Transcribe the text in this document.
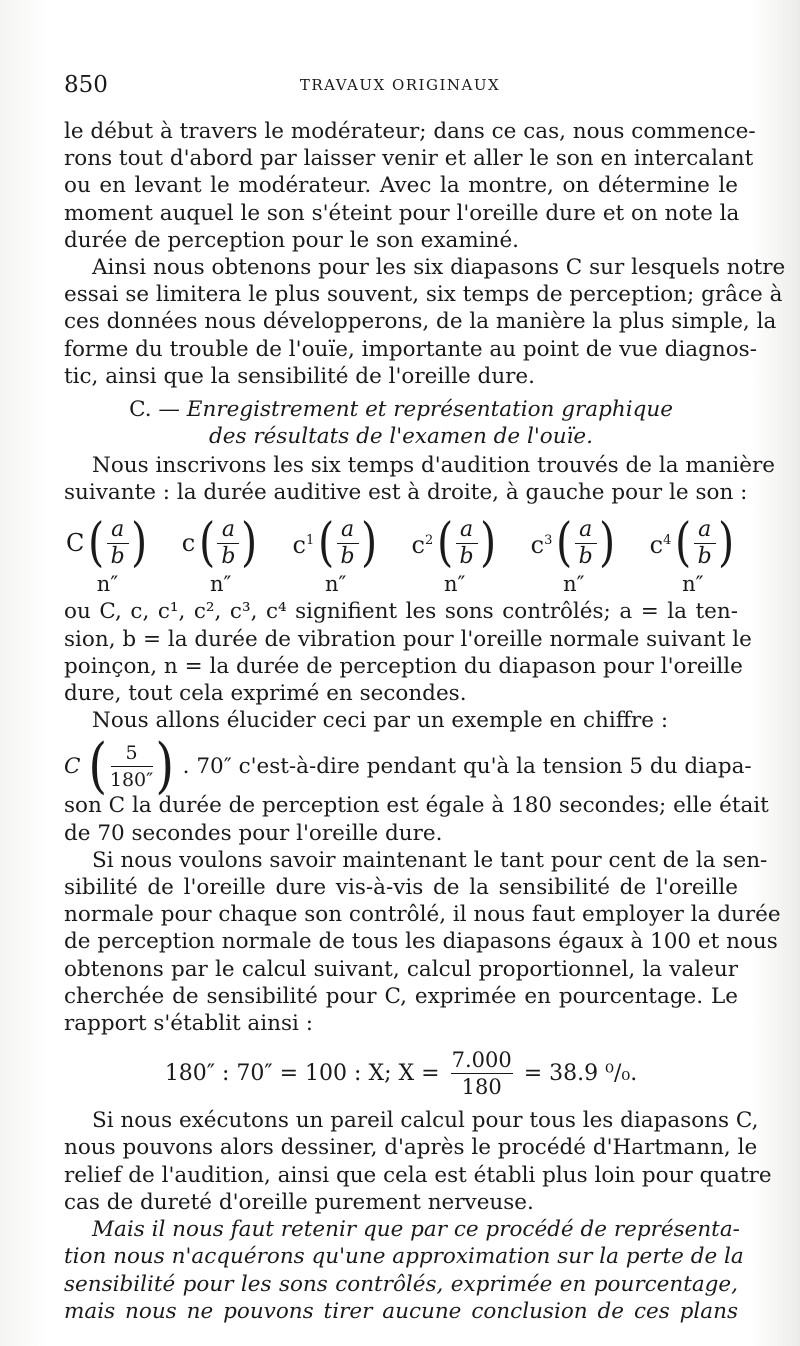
850	TRAVAUX ORIGINAUX
le début à travers le modérateur; dans ce cas, nous commence-
rons tout d'abord par laisser venir et aller le son en intercalant
ou en levant le modérateur. Avec la montre, on détermine le
moment auquel le son s'éteint pour l'oreille dure et on note la
durée de perception pour le son examiné.
Ainsi nous obtenons pour les six diapasons C sur lesquels notre
essai se limitera le plus souvent, six temps de perception; grâce à
ces données nous développerons, de la manière la plus simple, la
forme du trouble de l'ouïe, importante au point de vue diagnos-
tic, ainsi que la sensibilité de l'oreille dure.
C. — Enregistrement et représentation graphique
des résultats de l'examen de l'ouïe.
Nous inscrivons les six temps d'audition trouvés de la manière
suivante : la durée auditive est à droite, à gauche pour le son :
C ( $\frac{a}{b}$ )
n″
c ( $\frac{a}{b}$ )
n″
$c^1$ ( $\frac{a}{b}$ )
n″
$c^2$ ( $\frac{a}{b}$ )
n″
$c^3$ ( $\frac{a}{b}$ )
n″
$c^4$ ( $\frac{a}{b}$ )
n″
ou C, c, c¹, c², c³, c⁴ signifient les sons contrôlés; a = la ten-
sion, b = la durée de vibration pour l'oreille normale suivant le
poinçon, n = la durée de perception du diapason pour l'oreille
dure, tout cela exprimé en secondes.
Nous allons élucider ceci par un exemple en chiffre :
C ( $\frac{5}{180''}$ ) . 70″ c'est-à-dire pendant qu'à la tension 5 du diapa-
son C la durée de perception est égale à 180 secondes; elle était
de 70 secondes pour l'oreille dure.
Si nous voulons savoir maintenant le tant pour cent de la sen-
sibilité de l'oreille dure vis-à-vis de la sensibilité de l'oreille
normale pour chaque son contrôlé, il nous faut employer la durée
de perception normale de tous les diapasons égaux à 100 et nous
obtenons par le calcul suivant, calcul proportionnel, la valeur
cherchée de sensibilité pour C, exprimée en pourcentage. Le
rapport s'établit ainsi :
180″ : 70″ = 100 : X; $X = \frac{7.000}{180} = 38.9$ ⁰/₀.
Si nous exécutons un pareil calcul pour tous les diapasons C,
nous pouvons alors dessiner, d'après le procédé d'Hartmann, le
relief de l'audition, ainsi que cela est établi plus loin pour quatre
cas de dureté d'oreille purement nerveuse.
Mais il nous faut retenir que par ce procédé de représenta-
tion nous n'acquérons qu'une approximation sur la perte de la
sensibilité pour les sons contrôlés, exprimée en pourcentage,
mais nous ne pouvons tirer aucune conclusion de ces plans
